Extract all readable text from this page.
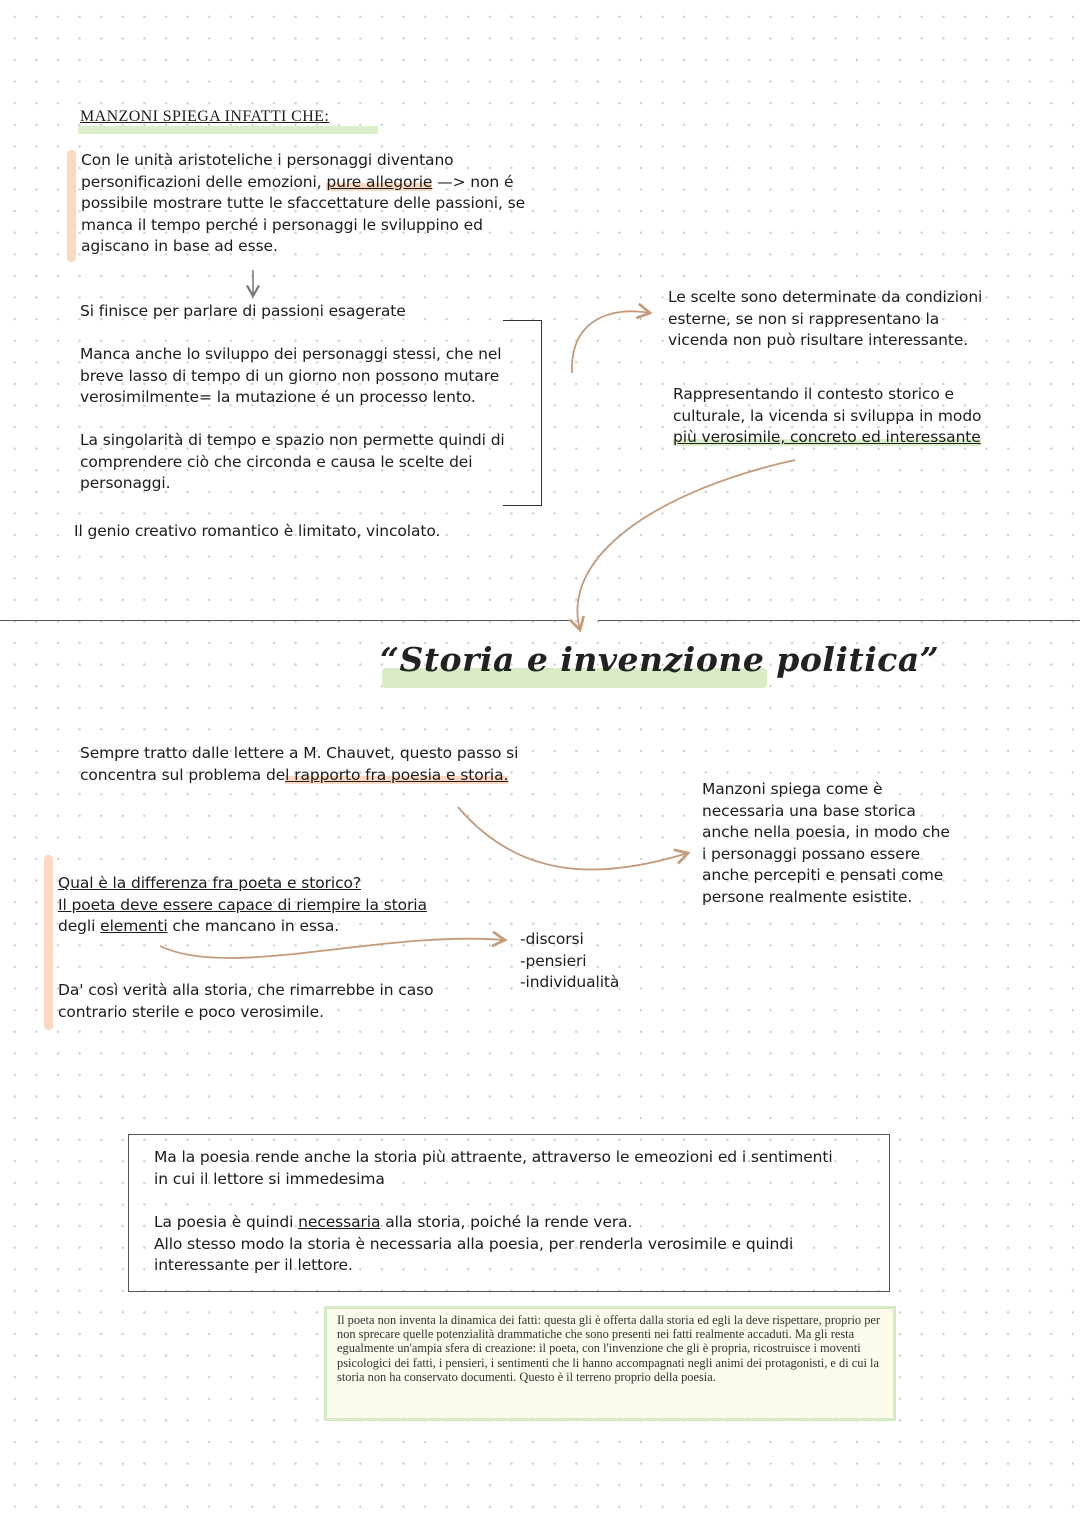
MANZONI SPIEGA INFATTI CHE:

Con le unità aristoteliche i personaggi diventano

personificazioni delle emozioni, pure allegorie —> non é

possibile mostrare tutte le sfaccettature delle passioni, se

manca il tempo perché i personaggi le sviluppino ed

agiscano in base ad esse.

Si finisce per parlare di passioni esagerate

Manca anche lo sviluppo dei personaggi stessi, che nel

breve lasso di tempo di un giorno non possono mutare

verosimilmente= la mutazione é un processo lento.

La singolarità di tempo e spazio non permette quindi di

comprendere ciò che circonda e causa le scelte dei

personaggi.

Il genio creativo romantico è limitato, vincolato.

Le scelte sono determinate da condizioni

esterne, se non si rappresentano la

vicenda non può risultare interessante.

Rappresentando il contesto storico e

culturale, la vicenda si sviluppa in modo

più verosimile, concreto ed interessante

“Storia e invenzione politica”

Sempre tratto dalle lettere a M. Chauvet, questo passo si

concentra sul problema del rapporto fra poesia e storia.

Manzoni spiega come è

necessaria una base storica

anche nella poesia, in modo che

i personaggi possano essere

anche percepiti e pensati come

persone realmente esistite.

Qual è la differenza fra poeta e storico?

Il poeta deve essere capace di riempire la storia

degli elementi che mancano in essa.

-discorsi

-pensieri

-individualità

Da' così verità alla storia, che rimarrebbe in caso

contrario sterile e poco verosimile.

Ma la poesia rende anche la storia più attraente, attraverso le emeozioni ed i sentimenti

in cui il lettore si immedesima

La poesia è quindi necessaria alla storia, poiché la rende vera.

Allo stesso modo la storia è necessaria alla poesia, per renderla verosimile e quindi

interessante per il lettore.

Il poeta non inventa la dinamica dei fatti: questa gli è offerta dalla storia ed egli la deve rispettare, proprio per non sprecare quelle potenzialità drammatiche che sono presenti nei fatti realmente accaduti. Ma gli resta egualmente un'ampia sfera di creazione: il poeta, con l'invenzione che gli è propria, ricostruisce i moventi psicologici dei fatti, i pensieri, i sentimenti che li hanno accompagnati negli animi dei protagonisti, e di cui la storia non ha conservato documenti. Questo è il terreno proprio della poesia.
